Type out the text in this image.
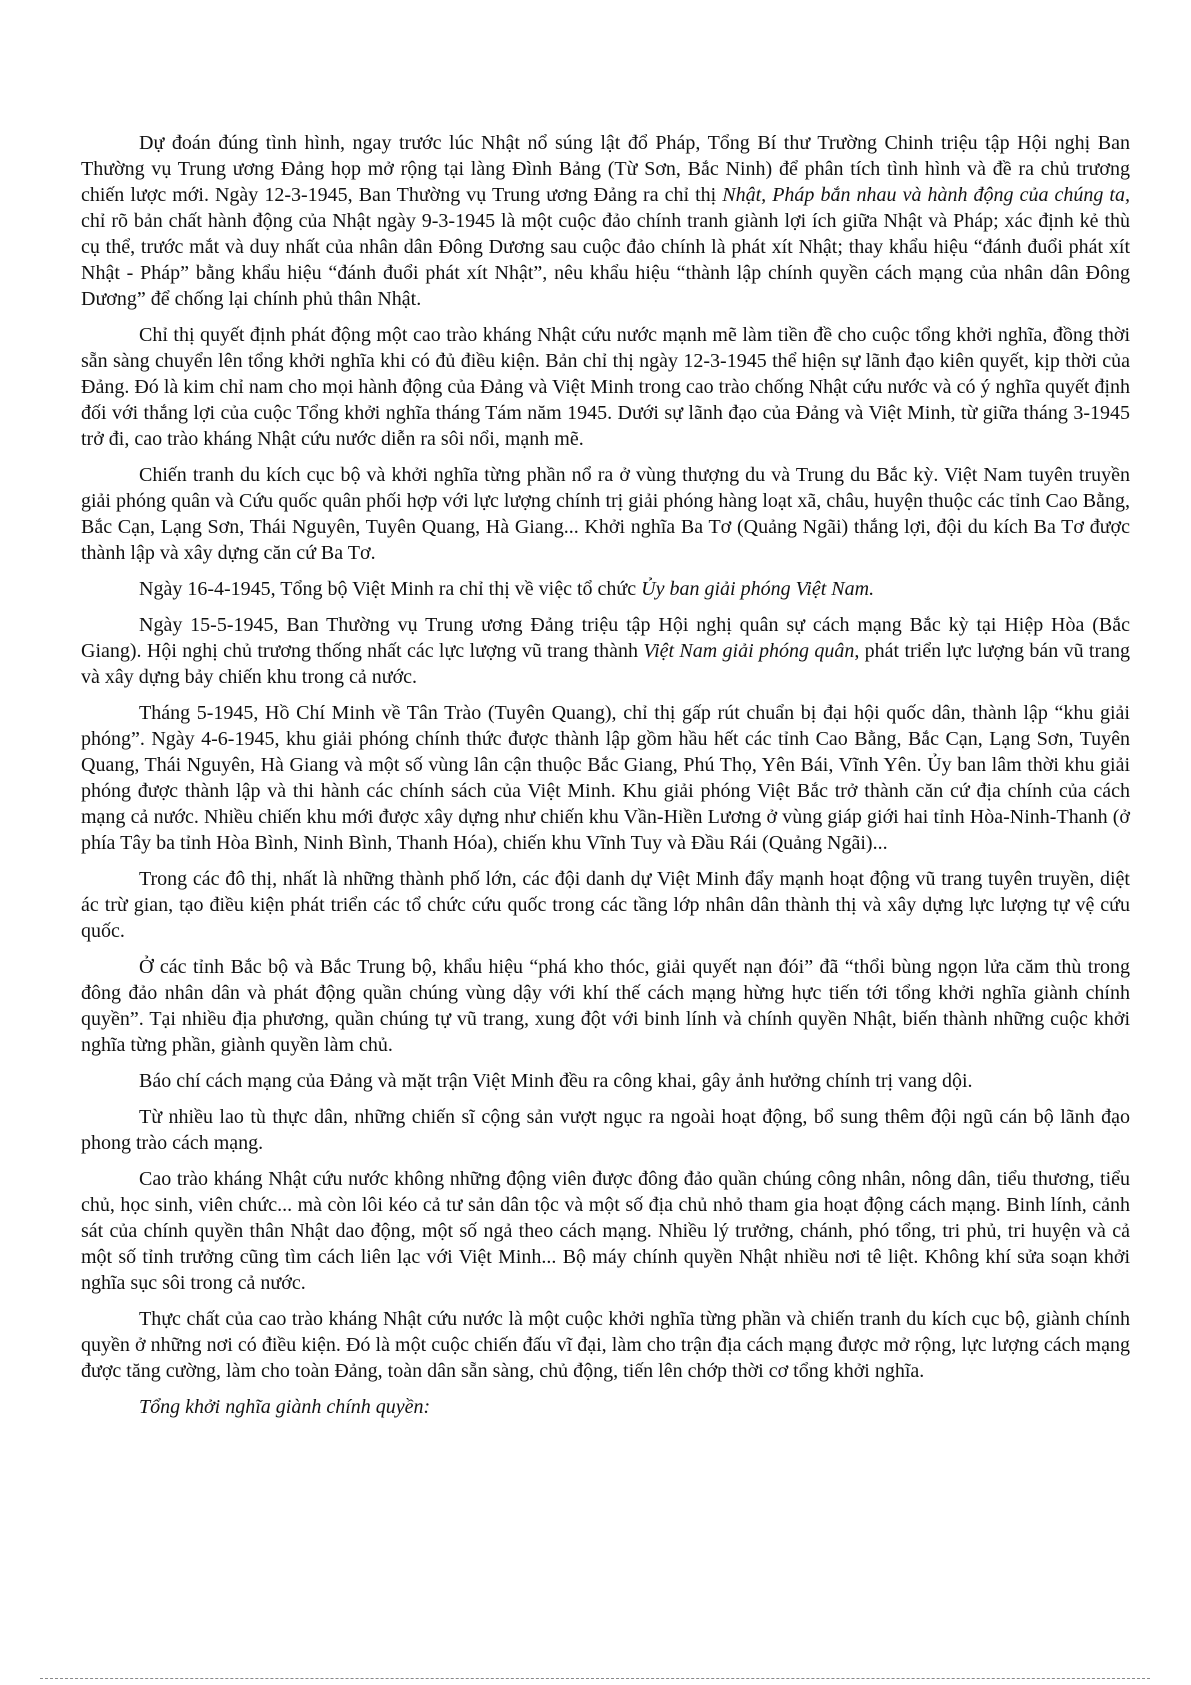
Dự đoán đúng tình hình, ngay trước lúc Nhật nổ súng lật đổ Pháp, Tổng Bí thư Trường Chinh triệu tập Hội nghị Ban Thường vụ Trung ương Đảng họp mở rộng tại làng Đình Bảng (Từ Sơn, Bắc Ninh) để phân tích tình hình và đề ra chủ trương chiến lược mới. Ngày 12-3-1945, Ban Thường vụ Trung ương Đảng ra chỉ thị Nhật, Pháp bắn nhau và hành động của chúng ta, chỉ rõ bản chất hành động của Nhật ngày 9-3-1945 là một cuộc đảo chính tranh giành lợi ích giữa Nhật và Pháp; xác định kẻ thù cụ thể, trước mắt và duy nhất của nhân dân Đông Dương sau cuộc đảo chính là phát xít Nhật; thay khẩu hiệu “đánh đuổi phát xít Nhật - Pháp” bằng khẩu hiệu “đánh đuổi phát xít Nhật”, nêu khẩu hiệu “thành lập chính quyền cách mạng của nhân dân Đông Dương” để chống lại chính phủ thân Nhật.

Chỉ thị quyết định phát động một cao trào kháng Nhật cứu nước mạnh mẽ làm tiền đề cho cuộc tổng khởi nghĩa, đồng thời sẵn sàng chuyển lên tổng khởi nghĩa khi có đủ điều kiện. Bản chỉ thị ngày 12-3-1945 thể hiện sự lãnh đạo kiên quyết, kịp thời của Đảng. Đó là kim chỉ nam cho mọi hành động của Đảng và Việt Minh trong cao trào chống Nhật cứu nước và có ý nghĩa quyết định đối với thắng lợi của cuộc Tổng khởi nghĩa tháng Tám năm 1945. Dưới sự lãnh đạo của Đảng và Việt Minh, từ giữa tháng 3-1945 trở đi, cao trào kháng Nhật cứu nước diễn ra sôi nổi, mạnh mẽ.

Chiến tranh du kích cục bộ và khởi nghĩa từng phần nổ ra ở vùng thượng du và Trung du Bắc kỳ. Việt Nam tuyên truyền giải phóng quân và Cứu quốc quân phối hợp với lực lượng chính trị giải phóng hàng loạt xã, châu, huyện thuộc các tỉnh Cao Bằng, Bắc Cạn, Lạng Sơn, Thái Nguyên, Tuyên Quang, Hà Giang... Khởi nghĩa Ba Tơ (Quảng Ngãi) thắng lợi, đội du kích Ba Tơ được thành lập và xây dựng căn cứ Ba Tơ.

Ngày 16-4-1945, Tổng bộ Việt Minh ra chỉ thị về việc tổ chức Ủy ban giải phóng Việt Nam.

Ngày 15-5-1945, Ban Thường vụ Trung ương Đảng triệu tập Hội nghị quân sự cách mạng Bắc kỳ tại Hiệp Hòa (Bắc Giang). Hội nghị chủ trương thống nhất các lực lượng vũ trang thành Việt Nam giải phóng quân, phát triển lực lượng bán vũ trang và xây dựng bảy chiến khu trong cả nước.

Tháng 5-1945, Hồ Chí Minh về Tân Trào (Tuyên Quang), chỉ thị gấp rút chuẩn bị đại hội quốc dân, thành lập “khu giải phóng”. Ngày 4-6-1945, khu giải phóng chính thức được thành lập gồm hầu hết các tỉnh Cao Bằng, Bắc Cạn, Lạng Sơn, Tuyên Quang, Thái Nguyên, Hà Giang và một số vùng lân cận thuộc Bắc Giang, Phú Thọ, Yên Bái, Vĩnh Yên. Ủy ban lâm thời khu giải phóng được thành lập và thi hành các chính sách của Việt Minh. Khu giải phóng Việt Bắc trở thành căn cứ địa chính của cách mạng cả nước. Nhiều chiến khu mới được xây dựng như chiến khu Vần-Hiền Lương ở vùng giáp giới hai tỉnh Hòa-Ninh-Thanh (ở phía Tây ba tỉnh Hòa Bình, Ninh Bình, Thanh Hóa), chiến khu Vĩnh Tuy và Đầu Rái (Quảng Ngãi)...

Trong các đô thị, nhất là những thành phố lớn, các đội danh dự Việt Minh đẩy mạnh hoạt động vũ trang tuyên truyền, diệt ác trừ gian, tạo điều kiện phát triển các tổ chức cứu quốc trong các tầng lớp nhân dân thành thị và xây dựng lực lượng tự vệ cứu quốc.

Ở các tỉnh Bắc bộ và Bắc Trung bộ, khẩu hiệu “phá kho thóc, giải quyết nạn đói” đã “thổi bùng ngọn lửa căm thù trong đông đảo nhân dân và phát động quần chúng vùng dậy với khí thế cách mạng hừng hực tiến tới tổng khởi nghĩa giành chính quyền”. Tại nhiều địa phương, quần chúng tự vũ trang, xung đột với binh lính và chính quyền Nhật, biến thành những cuộc khởi nghĩa từng phần, giành quyền làm chủ.

Báo chí cách mạng của Đảng và mặt trận Việt Minh đều ra công khai, gây ảnh hưởng chính trị vang dội.

Từ nhiều lao tù thực dân, những chiến sĩ cộng sản vượt ngục ra ngoài hoạt động, bổ sung thêm đội ngũ cán bộ lãnh đạo phong trào cách mạng.

Cao trào kháng Nhật cứu nước không những động viên được đông đảo quần chúng công nhân, nông dân, tiểu thương, tiểu chủ, học sinh, viên chức... mà còn lôi kéo cả tư sản dân tộc và một số địa chủ nhỏ tham gia hoạt động cách mạng. Binh lính, cảnh sát của chính quyền thân Nhật dao động, một số ngả theo cách mạng. Nhiều lý trưởng, chánh, phó tổng, tri phủ, tri huyện và cả một số tỉnh trưởng cũng tìm cách liên lạc với Việt Minh... Bộ máy chính quyền Nhật nhiều nơi tê liệt. Không khí sửa soạn khởi nghĩa sục sôi trong cả nước.

Thực chất của cao trào kháng Nhật cứu nước là một cuộc khởi nghĩa từng phần và chiến tranh du kích cục bộ, giành chính quyền ở những nơi có điều kiện. Đó là một cuộc chiến đấu vĩ đại, làm cho trận địa cách mạng được mở rộng, lực lượng cách mạng được tăng cường, làm cho toàn Đảng, toàn dân sẵn sàng, chủ động, tiến lên chớp thời cơ tổng khởi nghĩa.

Tổng khởi nghĩa giành chính quyền:
